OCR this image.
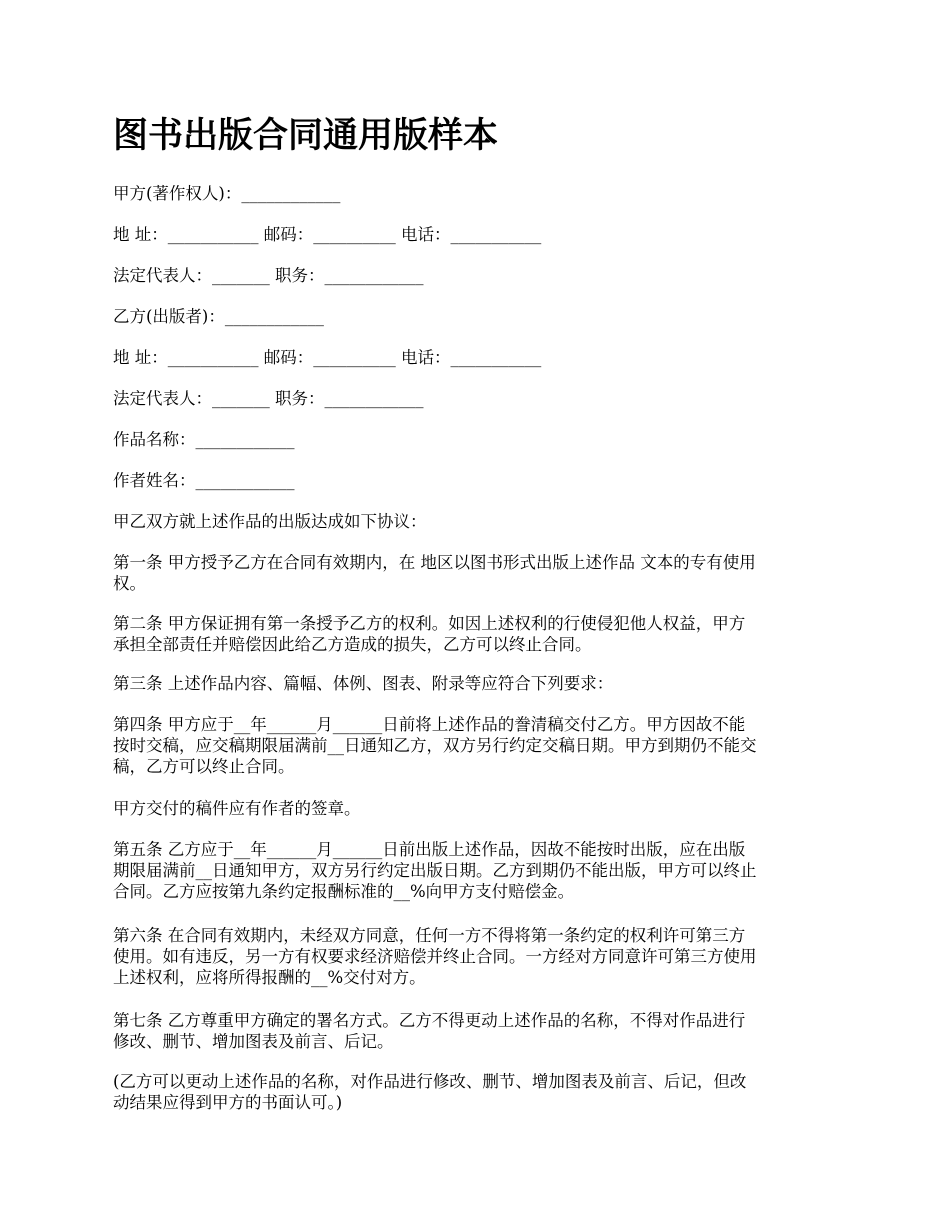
图书出版合同通用版样本

甲方(著作权人)：____________

地 址：___________ 邮码：__________ 电话：___________

法定代表人：_______ 职务：____________

乙方(出版者)：____________

地 址：___________ 邮码：__________ 电话：___________

法定代表人：_______ 职务：____________

作品名称：____________

作者姓名：____________

甲乙双方就上述作品的出版达成如下协议：

第一条 甲方授予乙方在合同有效期内，在 地区以图书形式出版上述作品 文本的专有使用
权。
第二条 甲方保证拥有第一条授予乙方的权利。如因上述权利的行使侵犯他人权益，甲方
承担全部责任并赔偿因此给乙方造成的损失，乙方可以终止合同。

第三条 上述作品内容、篇幅、体例、图表、附录等应符合下列要求：

第四条 甲方应于__年______月______日前将上述作品的誊清稿交付乙方。甲方因故不能
按时交稿，应交稿期限届满前__日通知乙方，双方另行约定交稿日期。甲方到期仍不能交
稿，乙方可以终止合同。

甲方交付的稿件应有作者的签章。

第五条 乙方应于__年______月______日前出版上述作品，因故不能按时出版，应在出版
期限届满前__日通知甲方，双方另行约定出版日期。乙方到期仍不能出版，甲方可以终止
合同。乙方应按第九条约定报酬标准的__%向甲方支付赔偿金。
第六条 在合同有效期内，未经双方同意，任何一方不得将第一条约定的权利许可第三方
使用。如有违反，另一方有权要求经济赔偿并终止合同。一方经对方同意许可第三方使用
上述权利，应将所得报酬的__%交付对方。
第七条 乙方尊重甲方确定的署名方式。乙方不得更动上述作品的名称，不得对作品进行
修改、删节、增加图表及前言、后记。
(乙方可以更动上述作品的名称，对作品进行修改、删节、增加图表及前言、后记，但改
动结果应得到甲方的书面认可。)
